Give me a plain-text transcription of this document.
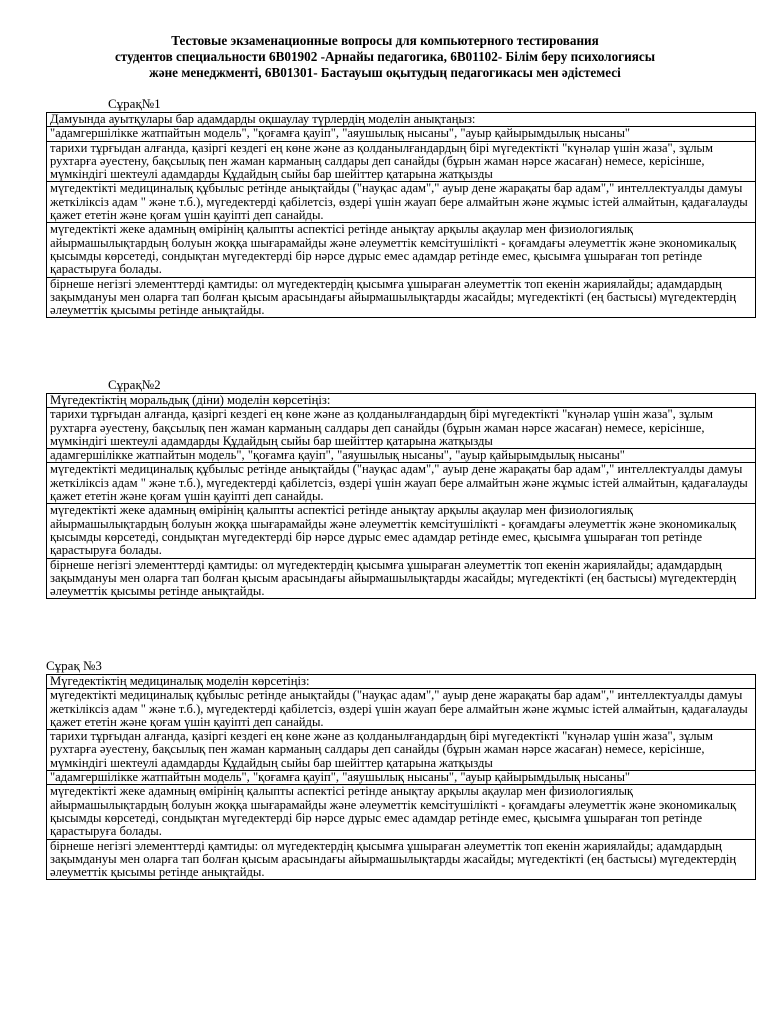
Тестовые экзаменационные вопросы для компьютерного тестирования
студентов специальности 6В01902 -Арнайы педагогика, 6В01102- Білім беру психологиясы
және менеджменті, 6В01301- Бастауыш оқытудың педагогикасы мен әдістемесі
Сұрақ№1
Дамуында ауытқулары бар адамдарды оқшаулау түрлердің моделін анықтаңыз:
"адамгершілікке жатпайтын модель", "қоғамға қауіп", "аяушылық нысаны", "ауыр қайырымдылық нысаны"
тарихи тұрғыдан алғанда, қазіргі кездегі ең көне және аз қолданылғандардың бірі мүгедектікті "күнәлар үшін жаза", зұлым рухтарға әуестену, бақсылық пен жаман карманың салдары деп санайды (бұрын жаман нәрсе жасаған) немесе, керісінше, мүмкіндігі шектеулі адамдарды Құдайдың сыйы бар шейіттер қатарына жатқызды
мүгедектікті медициналық құбылыс ретінде анықтайды ("науқас адам"," ауыр дене жарақаты бар адам"," интеллектуалды дамуы жеткіліксіз адам " және т.б.), мүгедектерді қабілетсіз, өздері үшін жауап бере алмайтын және жұмыс істей алмайтын, қадағалауды қажет ететін және қоғам үшін қауіпті деп санайды.
мүгедектікті жеке адамның өмірінің қалыпты аспектісі ретінде анықтау арқылы ақаулар мен физиологиялық айырмашылықтардың болуын жоққа шығарамайды және әлеуметтік кемсітушілікті - қоғамдағы әлеуметтік және экономикалық қысымды көрсетеді, сондықтан мүгедектерді бір нәрсе дұрыс емес адамдар ретінде емес, қысымға ұшыраған топ ретінде қарастыруға болады.
бірнеше негізгі элементтерді қамтиды: ол мүгедектердің қысымға ұшыраған әлеуметтік топ екенін жариялайды; адамдардың зақымдануы мен оларға тап болған қысым арасындағы айырмашылықтарды жасайды; мүгедектікті (ең бастысы) мүгедектердің әлеуметтік қысымы ретінде анықтайды.
Сұрақ№2
Мүгедектіктің моральдық (діни) моделін көрсетіңіз:
тарихи тұрғыдан алғанда, қазіргі кездегі ең көне және аз қолданылғандардың бірі мүгедектікті "күнәлар үшін жаза", зұлым рухтарға әуестену, бақсылық пен жаман карманың салдары деп санайды (бұрын жаман нәрсе жасаған) немесе, керісінше, мүмкіндігі шектеулі адамдарды Құдайдың сыйы бар шейіттер қатарына жатқызды
адамгершілікке жатпайтын модель", "қоғамға қауіп", "аяушылық нысаны", "ауыр қайырымдылық нысаны"
мүгедектікті медициналық құбылыс ретінде анықтайды ("науқас адам"," ауыр дене жарақаты бар адам"," интеллектуалды дамуы жеткіліксіз адам " және т.б.), мүгедектерді қабілетсіз, өздері үшін жауап бере алмайтын және жұмыс істей алмайтын, қадағалауды қажет ететін және қоғам үшін қауіпті деп санайды.
мүгедектікті жеке адамның өмірінің қалыпты аспектісі ретінде анықтау арқылы ақаулар мен физиологиялық айырмашылықтардың болуын жоққа шығарамайды және әлеуметтік кемсітушілікті - қоғамдағы әлеуметтік және экономикалық қысымды көрсетеді, сондықтан мүгедектерді бір нәрсе дұрыс емес адамдар ретінде емес, қысымға ұшыраған топ ретінде қарастыруға болады.
бірнеше негізгі элементтерді қамтиды: ол мүгедектердің қысымға ұшыраған әлеуметтік топ екенін жариялайды; адамдардың зақымдануы мен оларға тап болған қысым арасындағы айырмашылықтарды жасайды; мүгедектікті (ең бастысы) мүгедектердің әлеуметтік қысымы ретінде анықтайды.
Сұрақ №3
Мүгедектіктің медициналық моделін көрсетіңіз:
мүгедектікті медициналық құбылыс ретінде анықтайды ("науқас адам"," ауыр дене жарақаты бар адам"," интеллектуалды дамуы жеткіліксіз адам " және т.б.), мүгедектерді қабілетсіз, өздері үшін жауап бере алмайтын және жұмыс істей алмайтын, қадағалауды қажет ететін және қоғам үшін қауіпті деп санайды.
тарихи тұрғыдан алғанда, қазіргі кездегі ең көне және аз қолданылғандардың бірі мүгедектікті "күнәлар үшін жаза", зұлым рухтарға әуестену, бақсылық пен жаман карманың салдары деп санайды (бұрын жаман нәрсе жасаған) немесе, керісінше, мүмкіндігі шектеулі адамдарды Құдайдың сыйы бар шейіттер қатарына жатқызды
"адамгершілікке жатпайтын модель", "қоғамға қауіп", "аяушылық нысаны", "ауыр қайырымдылық нысаны"
мүгедектікті жеке адамның өмірінің қалыпты аспектісі ретінде анықтау арқылы ақаулар мен физиологиялық айырмашылықтардың болуын жоққа шығарамайды және әлеуметтік кемсітушілікті - қоғамдағы әлеуметтік және экономикалық қысымды көрсетеді, сондықтан мүгедектерді бір нәрсе дұрыс емес адамдар ретінде емес, қысымға ұшыраған топ ретінде қарастыруға болады.
бірнеше негізгі элементтерді қамтиды: ол мүгедектердің қысымға ұшыраған әлеуметтік топ екенін жариялайды; адамдардың зақымдануы мен оларға тап болған қысым арасындағы айырмашылықтарды жасайды; мүгедектікті (ең бастысы) мүгедектердің әлеуметтік қысымы ретінде анықтайды.
